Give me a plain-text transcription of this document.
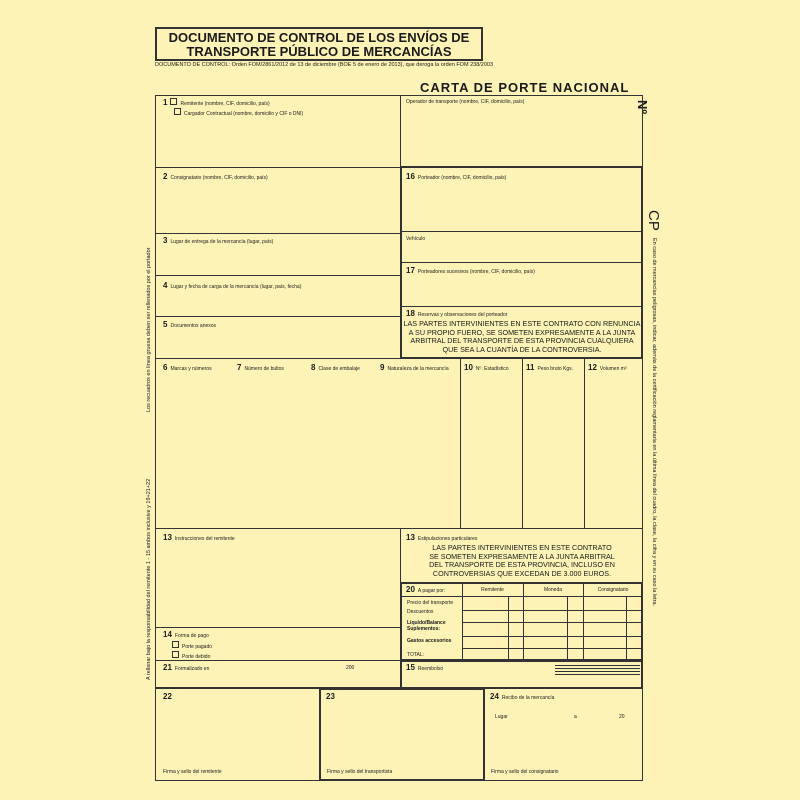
DOCUMENTO DE CONTROL DE LOS ENVÍOS DE
TRANSPORTE PÚBLICO DE MERCANCÍAS
DOCUMENTO DE CONTROL: Orden FOM/2861/2012 de 13 de diciembre (BOE 5 de enero de 2013), que deroga la orden FOM 238/2003
CARTA DE PORTE NACIONAL
Nº
CP
En caso de mercancías peligrosas, indicar, además de la certificación reglamentaria en la última línea del cuadro, la clase, la cifra y en su caso la letra.
Los recuadros en línea gruesa deben ser rellenados por el portador
A rellenar bajo la responsabilidad del remitente 1 - 15 ambos inclusive y 19+21+22
1	Remitente (nombre, CIF, domicilio, país)
Cargador Contractual (nombre, domicilio y CIF o DNI)
Operador de transporte (nombre, CIF, domicilio, país)
2 Consignatario (nombre, CIF, domicilio, país)	16 Porteador (nombre, CIF, domicilio, país)
3 Lugar de entrega de la mercancía (lugar, país)	Vehículo
17 Porteadores sucesivos (nombre, CIF, domicilio, país)
4 Lugar y fecha de carga de la mercancía (lugar, país, fecha)
18 Reservas y observaciones del porteador
LAS PARTES INTERVINIENTES EN ESTE CONTRATO CON RENUNCIA
A SU PROPIO FUERO, SE SOMETEN EXPRESAMENTE A LA JUNTA
ARBITRAL DEL TRANSPORTE DE ESTA PROVINCIA CUALQUIERA
QUE SEA LA CUANTÍA DE LA CONTROVERSIA.
5 Documentos anexos
6 Marcas y números	7 Número de bultos	8 Clase de embalaje	9 Naturaleza de la mercancía 10 Nº. Estadístico 11 Peso bruto Kgs. 12 Volumen m³
13 Instrucciones del remitente	13 Estipulaciones particulares
LAS PARTES INTERVINIENTES EN ESTE CONTRATO
SE SOMETEN EXPRESAMENTE A LA JUNTA ARBITRAL
DEL TRANSPORTE DE ESTA PROVINCIA, INCLUSO EN
CONTROVERSIAS QUE EXCEDAN DE 3.000 EUROS.
20 A pagar por:	Remitente	Moneda	Consignatario
Precio del transporte
Descuentos
Líquido/Balance
Suplementos:
Gastos accesorios
TOTAL:
14 Forma de pago
Porte pagado
Porte debido
21 Formalizado en	200	15 Reembolso
22
Firma y sello del remitente
23
Firma y sello del transportista
24 Recibo de la mercancía
Lugar	a	20
Firma y sello del consignatario
